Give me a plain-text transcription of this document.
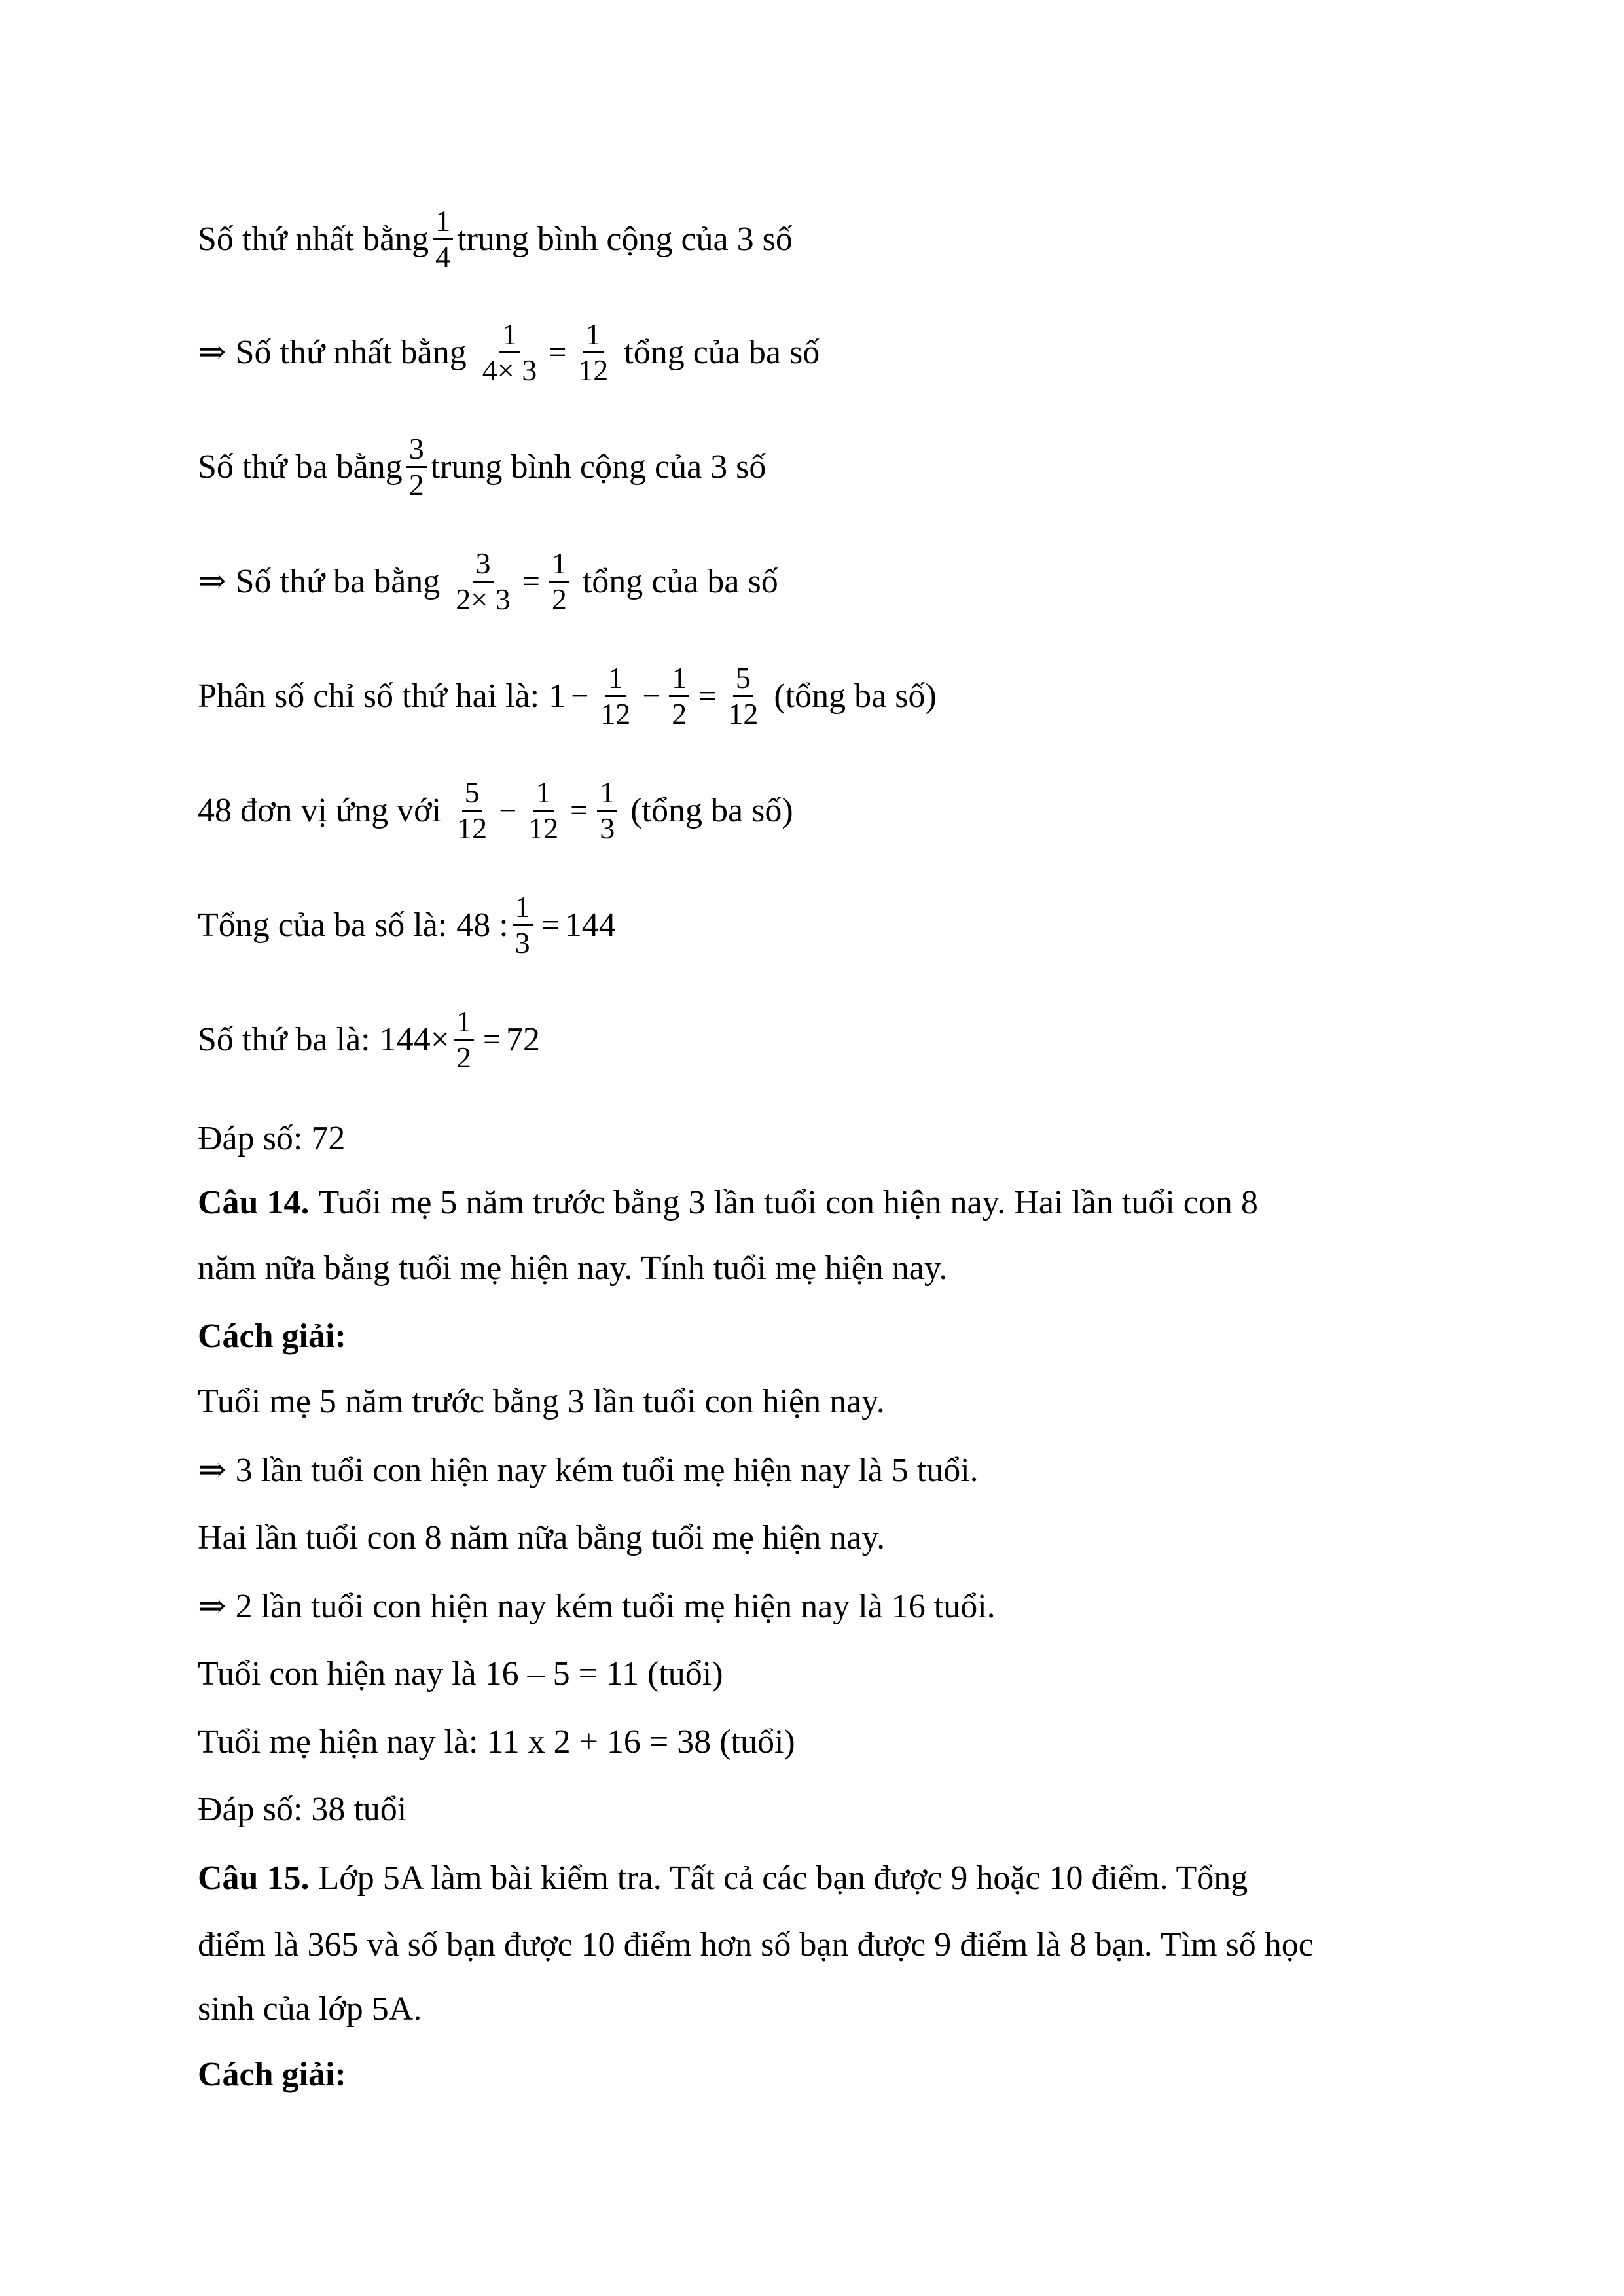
Số thứ nhất bằng $\frac{1}{4}$ trung bình cộng của 3 số
⇒ Số thứ nhất bằng $\frac{1}{4\times 3} = \frac{1}{12}$ tổng của ba số
Số thứ ba bằng $\frac{3}{2}$ trung bình cộng của 3 số
⇒ Số thứ ba bằng $\frac{3}{2\times 3} = \frac{1}{2}$ tổng của ba số
Phân số chỉ số thứ hai là: $1 - \frac{1}{12} - \frac{1}{2} = \frac{5}{12}$ (tổng ba số)
48 đơn vị ứng với $\frac{5}{12} - \frac{1}{12} = \frac{1}{3}$ (tổng ba số)
Tổng của ba số là: 48 : $\frac{1}{3} = 144$
Số thứ ba là: $144\times \frac{1}{2} = 72$
Đáp số: 72
Câu 14. Tuổi mẹ 5 năm trước bằng 3 lần tuổi con hiện nay. Hai lần tuổi con 8
năm nữa bằng tuổi mẹ hiện nay. Tính tuổi mẹ hiện nay.
Cách giải:
Tuổi mẹ 5 năm trước bằng 3 lần tuổi con hiện nay.
⇒ 3 lần tuổi con hiện nay kém tuổi mẹ hiện nay là 5 tuổi.
Hai lần tuổi con 8 năm nữa bằng tuổi mẹ hiện nay.
⇒ 2 lần tuổi con hiện nay kém tuổi mẹ hiện nay là 16 tuổi.
Tuổi con hiện nay là 16 – 5 = 11 (tuổi)
Tuổi mẹ hiện nay là: 11 x 2 + 16 = 38 (tuổi)
Đáp số: 38 tuổi
Câu 15. Lớp 5A làm bài kiểm tra. Tất cả các bạn được 9 hoặc 10 điểm. Tổng
điểm là 365 và số bạn được 10 điểm hơn số bạn được 9 điểm là 8 bạn. Tìm số học
sinh của lớp 5A.
Cách giải:
